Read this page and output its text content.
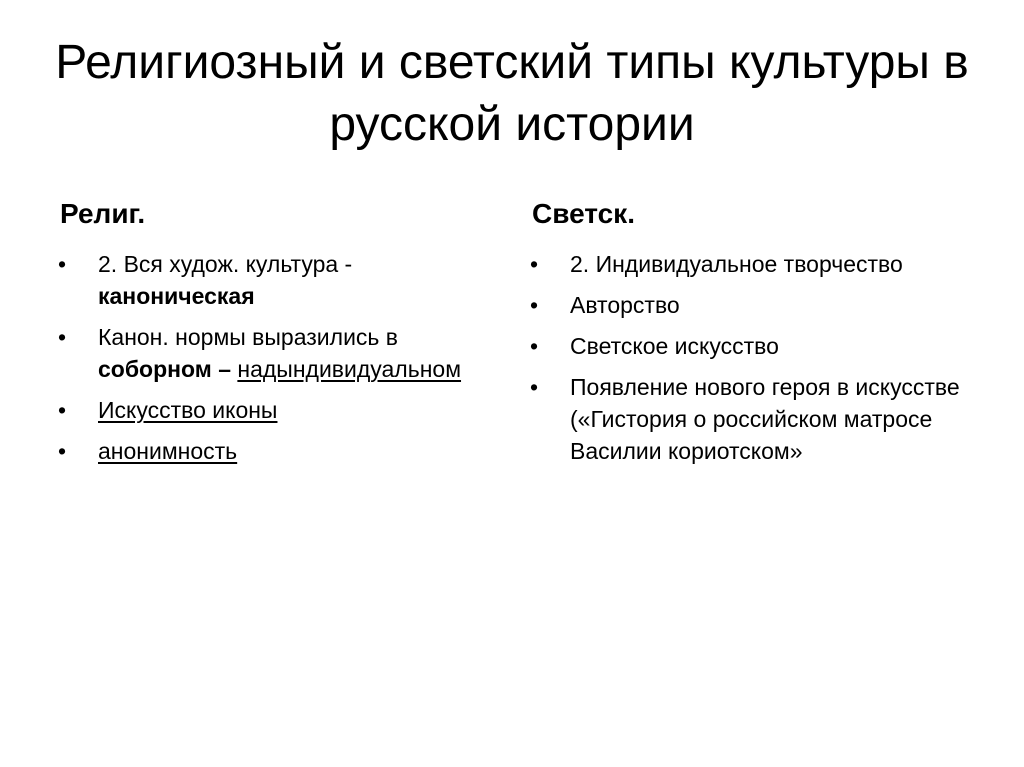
Религиозный и светский типы культуры в русской истории
Религ.
•	2. Вся худож. культура - каноническая
•	Канон. нормы выразились в соборном – надындивидуальном
•	Искусство иконы
•	анонимность
Светск.
•	2. Индивидуальное творчество
•	Авторство
•	Светское искусство
•	Появление нового героя в искусстве («Гистория о российском матросе Василии кориотском»
